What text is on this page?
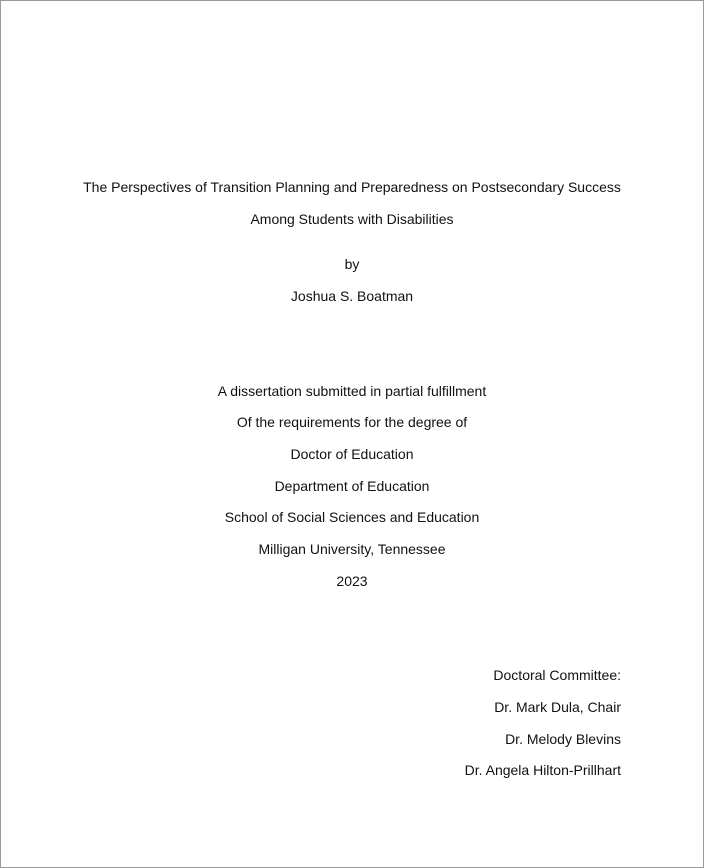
The Perspectives of Transition Planning and Preparedness on Postsecondary Success
Among Students with Disabilities
by
Joshua S. Boatman
A dissertation submitted in partial fulfillment
Of the requirements for the degree of
Doctor of Education
Department of Education
School of Social Sciences and Education
Milligan University, Tennessee
2023
Doctoral Committee:
Dr. Mark Dula, Chair
Dr. Melody Blevins
Dr. Angela Hilton-Prillhart
